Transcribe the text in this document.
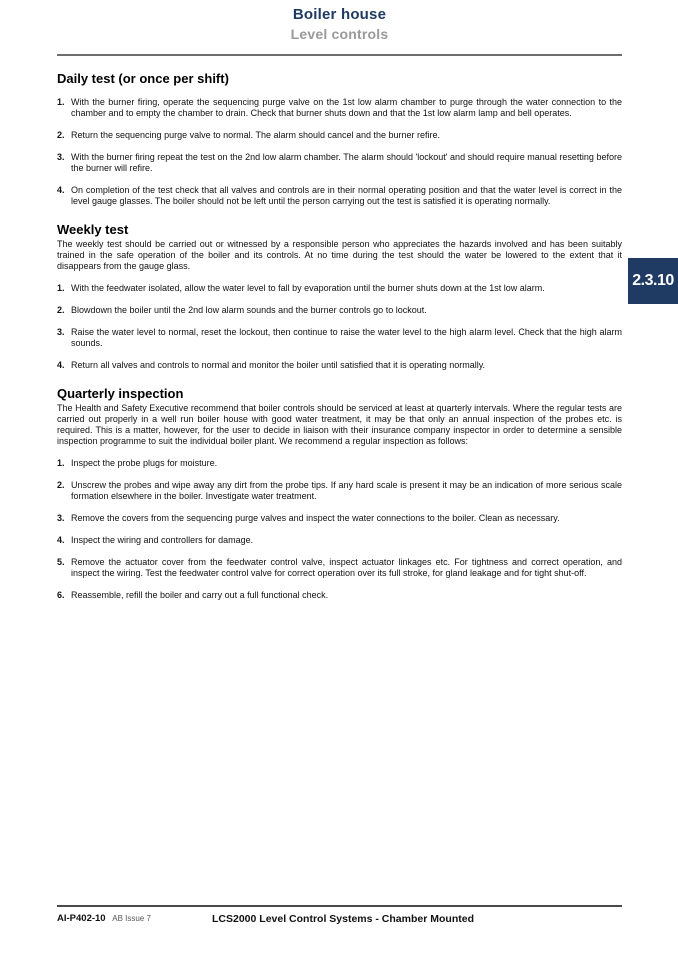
Boiler house
Level controls
Daily test (or once per shift)
1. With the burner firing, operate the sequencing purge valve on the 1st low alarm chamber to purge through the water connection to the chamber and to empty the chamber to drain. Check that burner shuts down and that the 1st low alarm lamp and bell operates.
2. Return the sequencing purge valve to normal. The alarm should cancel and the burner refire.
3. With the burner firing repeat the test on the 2nd low alarm chamber. The alarm should 'lockout' and should require manual resetting before the burner will refire.
4. On completion of the test check that all valves and controls are in their normal operating position and that the water level is correct in the level gauge glasses. The boiler should not be left until the person carrying out the test is satisfied it is operating normally.
Weekly test

The weekly test should be carried out or witnessed by a responsible person who appreciates the hazards involved and has been suitably trained in the safe operation of the boiler and its controls. At no time during the test should the water be lowered to the extent that it disappears from the gauge glass.

1. With the feedwater isolated, allow the water level to fall by evaporation until the burner shuts down at the 1st low alarm.
2. Blowdown the boiler until the 2nd low alarm sounds and the burner controls go to lockout.
3. Raise the water level to normal, reset the lockout, then continue to raise the water level to the high alarm level. Check that the high alarm sounds.
4. Return all valves and controls to normal and monitor the boiler until satisfied that it is operating normally.
Quarterly inspection

The Health and Safety Executive recommend that boiler controls should be serviced at least at quarterly intervals. Where the regular tests are carried out properly in a well run boiler house with good water treatment, it may be that only an annual inspection of the probes etc. is required. This is a matter, however, for the user to decide in liaison with their insurance company inspector in order to determine a sensible inspection programme to suit the individual boiler plant. We recommend a regular inspection as follows:

1. Inspect the probe plugs for moisture.
2. Unscrew the probes and wipe away any dirt from the probe tips. If any hard scale is present it may be an indication of more serious scale formation elsewhere in the boiler. Investigate water treatment.
3. Remove the covers from the sequencing purge valves and inspect the water connections to the boiler. Clean as necessary.
4. Inspect the wiring and controllers for damage.
5. Remove the actuator cover from the feedwater control valve, inspect actuator linkages etc. For tightness and correct operation, and inspect the wiring. Test the feedwater control valve for correct operation over its full stroke, for gland leakage and for tight shut-off.
6. Reassemble, refill the boiler and carry out a full functional check.
2.3.10
AI-P402-10 AB Issue 7	LCS2000 Level Control Systems - Chamber Mounted
